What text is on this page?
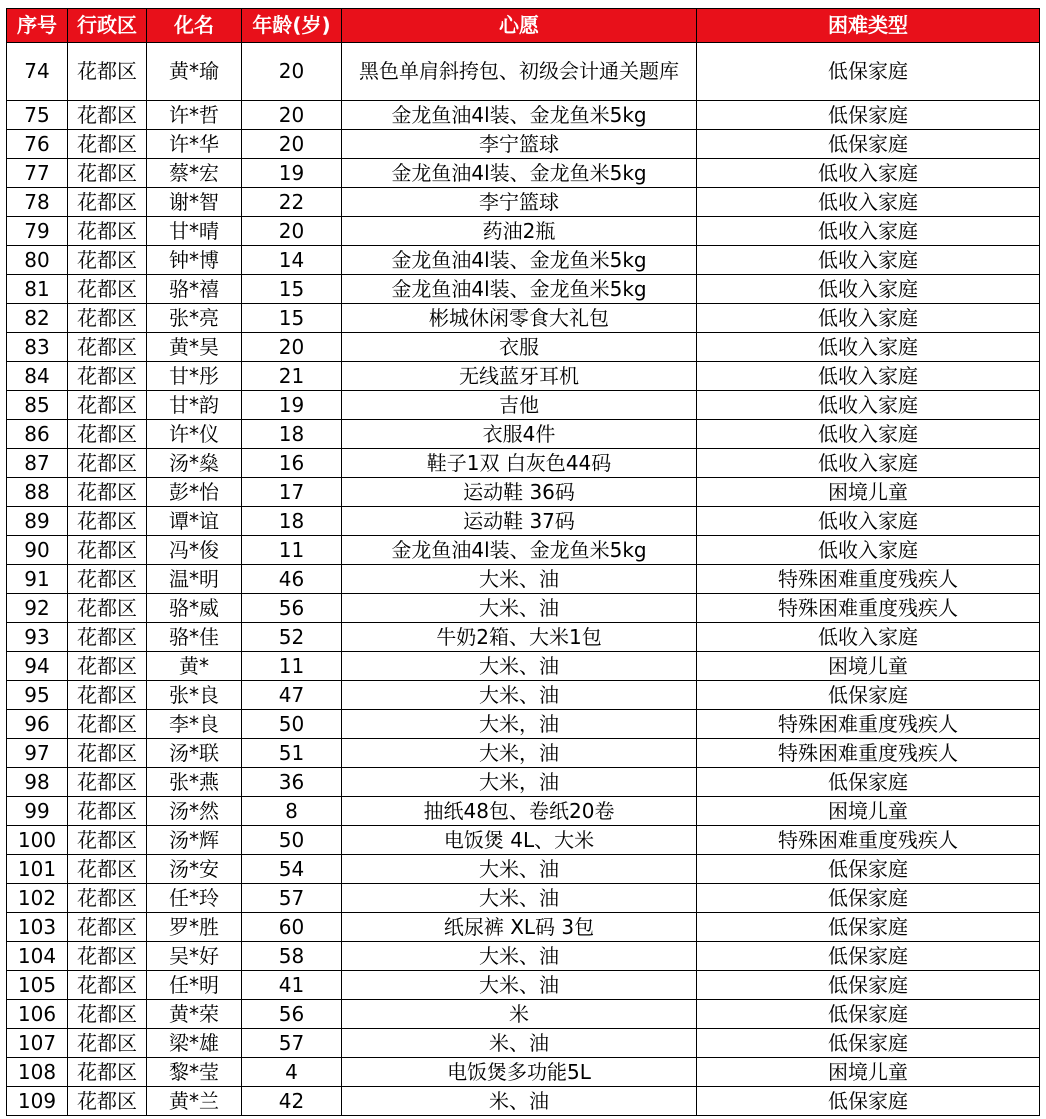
序号	行政区	化名	年龄(岁)	心愿	困难类型
74	花都区	黄*瑜	20	黑色单肩斜挎包、初级会计通关题库	低保家庭
75	花都区	许*哲	20	金龙鱼油4l装、金龙鱼米5kg	低保家庭
76	花都区	许*华	20	李宁篮球	低保家庭
77	花都区	蔡*宏	19	金龙鱼油4l装、金龙鱼米5kg	低收入家庭
78	花都区	谢*智	22	李宁篮球	低收入家庭
79	花都区	甘*晴	20	药油2瓶	低收入家庭
80	花都区	钟*博	14	金龙鱼油4l装、金龙鱼米5kg	低收入家庭
81	花都区	骆*禧	15	金龙鱼油4l装、金龙鱼米5kg	低收入家庭
82	花都区	张*亮	15	彬城休闲零食大礼包	低收入家庭
83	花都区	黄*昊	20	衣服	低收入家庭
84	花都区	甘*彤	21	无线蓝牙耳机	低收入家庭
85	花都区	甘*韵	19	吉他	低收入家庭
86	花都区	许*仪	18	衣服4件	低收入家庭
87	花都区	汤*燊	16	鞋子1双 白灰色44码	低收入家庭
88	花都区	彭*怡	17	运动鞋 36码	困境儿童
89	花都区	谭*谊	18	运动鞋 37码	低收入家庭
90	花都区	冯*俊	11	金龙鱼油4l装、金龙鱼米5kg	低收入家庭
91	花都区	温*明	46	大米、油	特殊困难重度残疾人
92	花都区	骆*威	56	大米、油	特殊困难重度残疾人
93	花都区	骆*佳	52	牛奶2箱、大米1包	低收入家庭
94	花都区	黄*	11	大米、油	困境儿童
95	花都区	张*良	47	大米、油	低保家庭
96	花都区	李*良	50	大米，油	特殊困难重度残疾人
97	花都区	汤*联	51	大米，油	特殊困难重度残疾人
98	花都区	张*燕	36	大米，油	低保家庭
99	花都区	汤*然	8	抽纸48包、卷纸20卷	困境儿童
100	花都区	汤*辉	50	电饭煲 4L、大米	特殊困难重度残疾人
101	花都区	汤*安	54	大米、油	低保家庭
102	花都区	任*玲	57	大米、油	低保家庭
103	花都区	罗*胜	60	纸尿裤 XL码 3包	低保家庭
104	花都区	吴*好	58	大米、油	低保家庭
105	花都区	任*明	41	大米、油	低保家庭
106	花都区	黄*荣	56	米	低保家庭
107	花都区	梁*雄	57	米、油	低保家庭
108	花都区	黎*莹	4	电饭煲多功能5L	困境儿童
109	花都区	黄*兰	42	米、油	低保家庭
